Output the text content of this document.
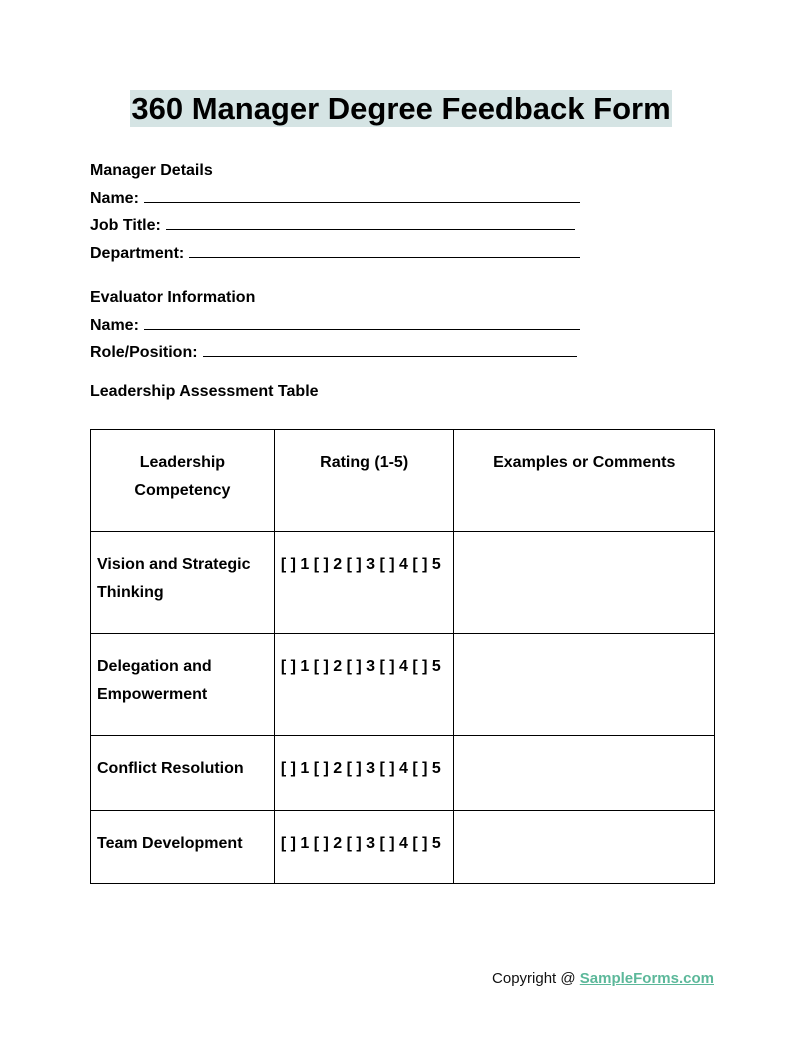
360 Manager Degree Feedback Form
Manager Details
Name:
Job Title:
Department:
Evaluator Information
Name:
Role/Position:
Leadership Assessment Table
Leadership Competency	Rating (1-5)	Examples or Comments
Vision and Strategic Thinking	[ ] 1 [ ] 2 [ ] 3 [ ] 4 [ ] 5	
Delegation and Empowerment	[ ] 1 [ ] 2 [ ] 3 [ ] 4 [ ] 5	
Conflict Resolution	[ ] 1 [ ] 2 [ ] 3 [ ] 4 [ ] 5	
Team Development	[ ] 1 [ ] 2 [ ] 3 [ ] 4 [ ] 5	
Copyright @ SampleForms.com
